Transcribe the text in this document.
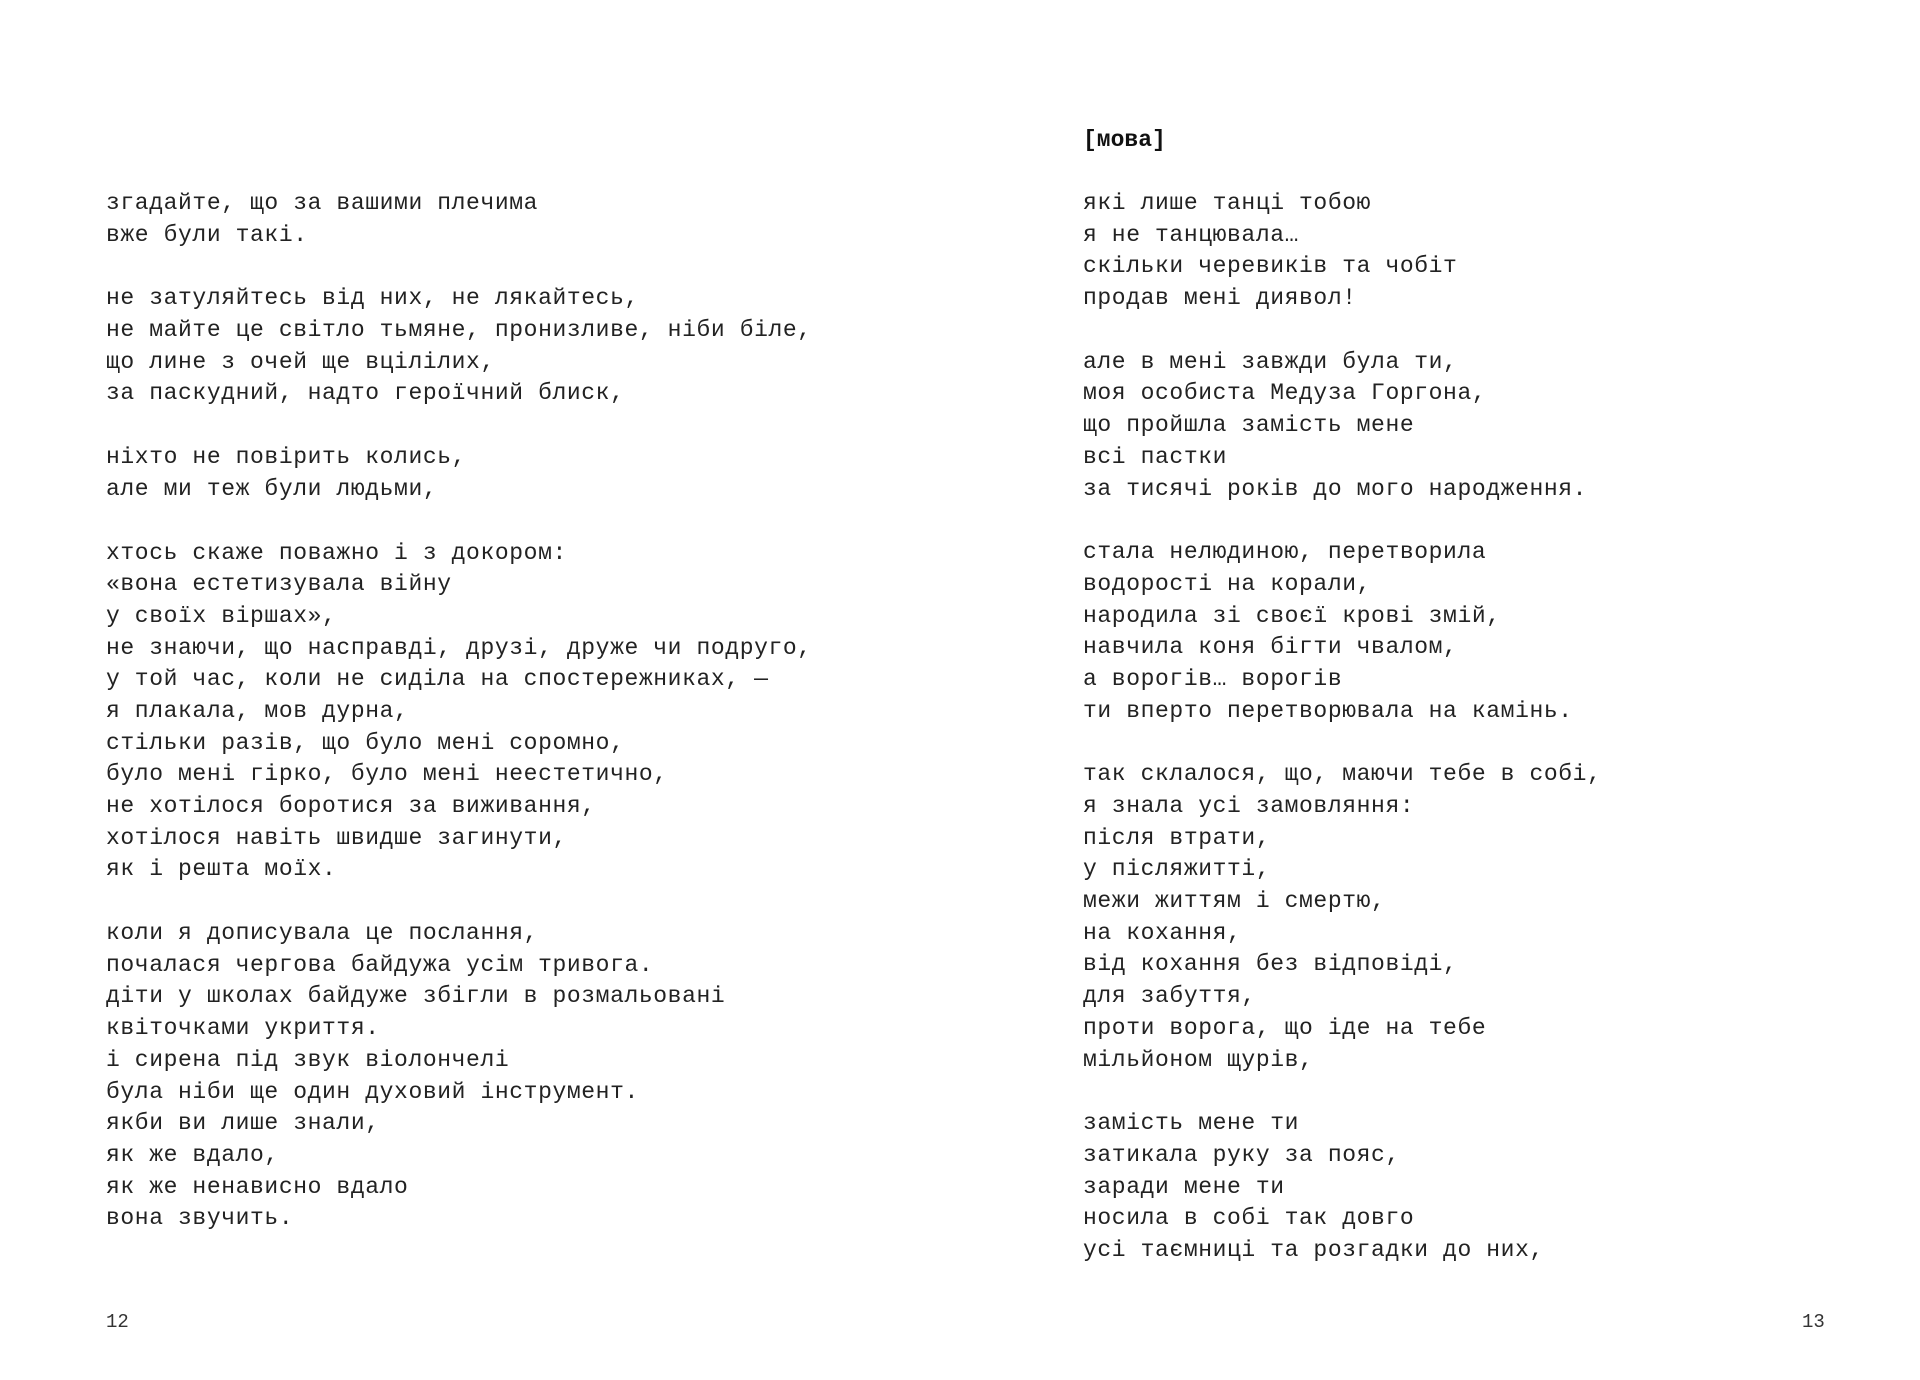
згадайте, що за вашими плечима
вже були такі.
не затуляйтесь від них, не лякайтесь,
не майте це світло тьмяне, пронизливе, ніби біле,
що лине з очей ще вцілілих,
за паскудний, надто героїчний блиск,
ніхто не повірить колись,
але ми теж були людьми,
хтось скаже поважно і з докором:
«вона естетизувала війну
у своїх віршах»,
не знаючи, що насправді, друзі, друже чи подруго,
у той час, коли не сиділа на спостережниках, —
я плакала, мов дурна,
стільки разів, що було мені соромно,
було мені гірко, було мені неестетично,
не хотілося боротися за виживання,
хотілося навіть швидше загинути,
як і решта моїх.
коли я дописувала це послання,
почалася чергова байдужа усім тривога.
діти у школах байдуже збігли в розмальовані
квіточками укриття.
і сирена під звук віолончелі
була ніби ще один духовий інструмент.
якби ви лише знали,
як же вдало,
як же ненависно вдало
вона звучить.
12
[мова]
які лише танці тобою
я не танцювала…
скільки черевиків та чобіт
продав мені диявол!
але в мені завжди була ти,
моя особиста Медуза Горгона,
що пройшла замість мене
всі пастки
за тисячі років до мого народження.
стала нелюдиною, перетворила
водорості на корали,
народила зі своєї крові змій,
навчила коня бігти чвалом,
а ворогів… ворогів
ти вперто перетворювала на камінь.
так склалося, що, маючи тебе в собі,
я знала усі замовляння:
після втрати,
у післяжитті,
межи життям і смертю,
на кохання,
від кохання без відповіді,
для забуття,
проти ворога, що іде на тебе
мільйоном щурів,
замість мене ти
затикала руку за пояс,
заради мене ти
носила в собі так довго
усі таємниці та розгадки до них,
13
